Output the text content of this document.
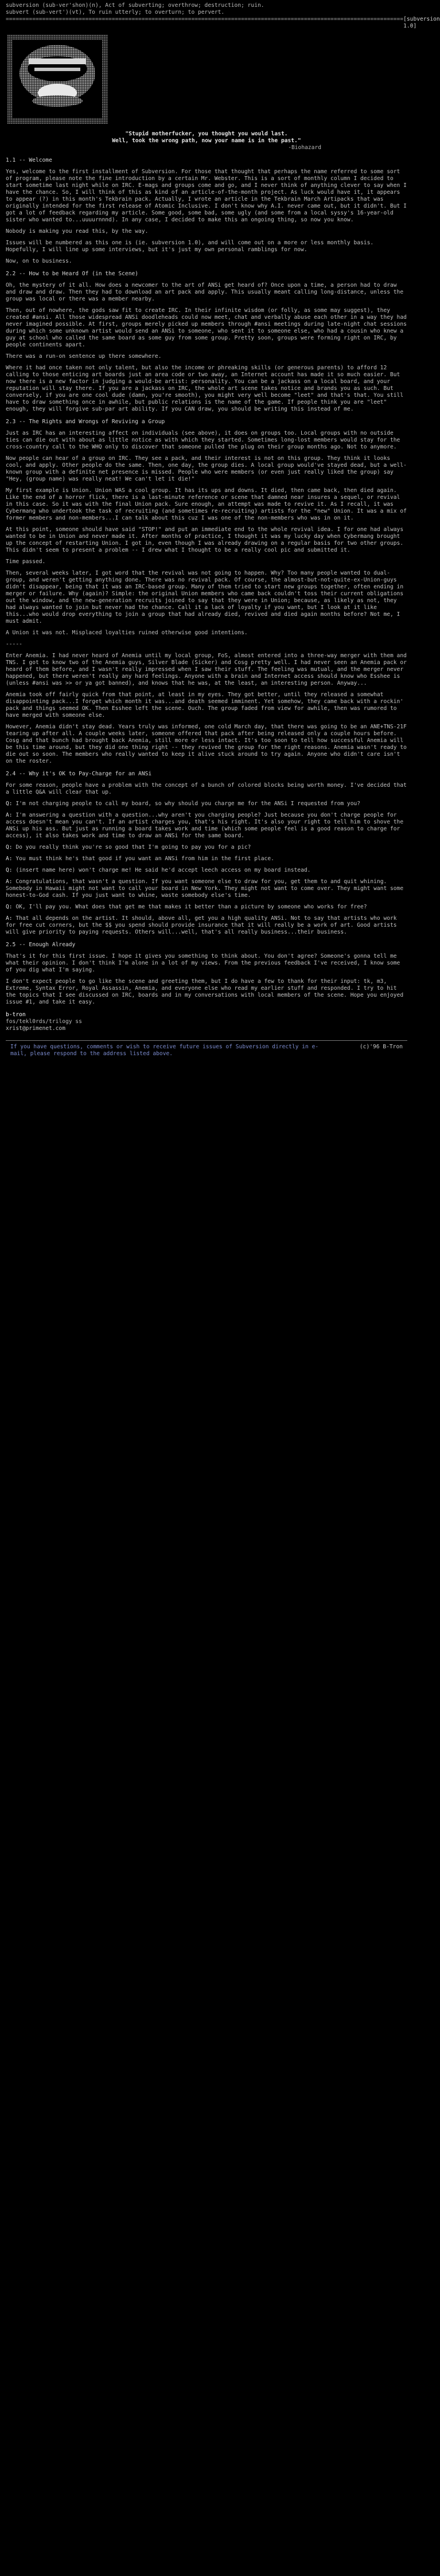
subversion (sub·ver'shon)(n), Act of subverting; overthrow; destruction; ruin.
subvert (sub-vert')(vt), To ruin utterly; to overturn; to pervert.
======================================================================================================================== [subversion 1.0]
"Stupid motherfucker, you thought you would last.
Well, took the wrong path, now your name is in the past."
-Biohazard
1.1 -- Welcome

Yes, welcome to the first installment of Subversion. For those that thought that perhaps the name referred to some sort of program, please note the fine introduction by a certain Mr. Webster. This is a sort of monthly column I decided to start sometime last night while on IRC. E-mags and groups come and go, and I never think of anything clever to say when I have the chance. So, I will think of this as kind of an article-of-the-month project. As luck would have it, it appears to appear (?) in this month's Tekbrain pack. Actually, I wrote an article in the Tekbrain March Artipacks that was originally intended for the first release of Atomic Inclusive. I don't know why A.I. never came out, but it didn't. But I got a lot of feedback regarding my article. Some good, some bad, some ugly (and some from a local syssy's 16-year-old sister who wanted to...uuuurnnnd). In any case, I decided to make this an ongoing thing, so now you know.

Nobody is making you read this, by the way.

Issues will be numbered as this one is (ie. subversion 1.0), and will come out on a more or less monthly basis. Hopefully, I will line up some interviews, but it's just my own personal ramblings for now.

Now, on to business.

2.2 -- How to be Heard Of (in the Scene)

Oh, the mystery of it all. How does a newcomer to the art of ANSi get heard of? Once upon a time, a person had to draw and draw and draw. Then they had to download an art pack and apply. This usually meant calling long-distance, unless the group was local or there was a member nearby.

Then, out of nowhere, the gods saw fit to create IRC. In their infinite wisdom (or folly, as some may suggest), they created #ansi. All those widespread ANSi doodleheads could now meet, chat and verbally abuse each other in a way they had never imagined possible. At first, groups merely picked up members through #ansi meetings during late-night chat sessions during which some unknown artist would send an ANSi to someone, who sent it to someone else, who had a cousin who knew a guy at school who called the same board as some guy from some group. Pretty soon, groups were forming right on IRC, by people continents apart.

There was a run-on sentence up there somewhere.

Where it had once taken not only talent, but also the income or phreaking skills (or generous parents) to afford 12 calling to those enticing art boards just an area code or two away, an Internet account has made it so much easier. But now there is a new factor in judging a would-be artist: personality. You can be a jackass on a local board, and your reputation will stay there. If you are a jackass on IRC, the whole art scene takes notice and brands you as such. But conversely, if you are one cool dude (damn, you're smooth), you might very well become "leet" and that's that. You still have to draw something once in awhile, but public relations is the name of the game. If people think you are "leet" enough, they will forgive sub-par art ability. If you CAN draw, you should be writing this instead of me.

2.3 -- The Rights and Wrongs of Reviving a Group

Just as IRC has an interesting affect on individuals (see above), it does on groups too. Local groups with no outside ties can die out with about as little notice as with which they started. Sometimes long-lost members would stay for the cross-country call to the WHQ only to discover that someone pulled the plug on their group months ago. Not to anymore.

Now people can hear of a group on IRC. They see a pack, and their interest is not on this group. They think it looks cool, and apply. Other people do the same. Then, one day, the group dies. A local group would've stayed dead, but a well-known group with a definite net presence is missed. People who were members (or even just really liked the group) say "Hey, (group name) was really neat! We can't let it die!"

My first example is Union. Union WAS a cool group. It has its ups and downs. It died, then came back, then died again. Like the end of a horror flick, there is a last-minute reference or scene that damned near insures a sequel, or revival in this case. So it was with the final Union pack. Sure enough, an attempt was made to revive it. As I recall, it was Cybermang who undertook the task of recruiting (and sometimes re-recruiting) artists for the "new" Union. It was a mix of former members and non-members...I can talk about this cuz I was one of the non-members who was in on it.

At this point, someone should have said "STOP!" and put an immediate end to the whole revival idea. I for one had always wanted to be in Union and never made it. After months of practice, I thought it was my lucky day when Cybermang brought up the concept of restarting Union. I got in, even though I was already drawing on a regular basis for two other groups. This didn't seem to present a problem -- I drew what I thought to be a really cool pic and submitted it.

Time passed.

Then, several weeks later, I got word that the revival was not going to happen. Why? Too many people wanted to dual-group, and weren't getting anything done. There was no revival pack. Of course, the almost-but-not-quite-ex-Union-guys didn't disappear, being that it was an IRC-based group. Many of them tried to start new groups together, often ending in merger or failure. Why (again)? Simple: the original Union members who came back couldn't toss their current obligations out the window, and the new-generation recruits joined to say that they were in Union; because, as likely as not, they had always wanted to join but never had the chance. Call it a lack of loyalty if you want, but I look at it like this...who would drop everything to join a group that had already died, revived and died again months before? Not me, I must admit.

A Union it was not. Misplaced loyalties ruined otherwise good intentions.

-----

Enter Anemia. I had never heard of Anemia until my local group, FoS, almost entered into a three-way merger with them and TNS. I got to know two of the Anemia guys, Silver Blade (Sicker) and Cosg pretty well. I had never seen an Anemia pack or heard of them before, and I wasn't really impressed when I saw their stuff. The feeling was mutual, and the merger never happened, but there weren't really any hard feelings. Anyone with a brain and Internet access should know who Esshee is (unless #ansi was >> or ya got banned), and knows that he was, at the least, an interesting person. Anyway...

Anemia took off fairly quick from that point, at least in my eyes. They got better, until they released a somewhat disappointing pack...I forget which month it was...and death seemed imminent. Yet somehow, they came back with a rockin' pack and things seemed OK. Then Esshee left the scene. Ouch. The group faded from view for awhile, then was rumored to have merged with someone else.

However, Anemia didn't stay dead. Years truly was informed, one cold March day, that there was going to be an ANE+TNS-21F tearing up after all. A couple weeks later, someone offered that pack after being released only a couple hours before. Cosg and that bunch had brought back Anemia, still more or less intact. It's too soon to tell how successful Anemia will be this time around, but they did one thing right -- they revived the group for the right reasons. Anemia wasn't ready to die out so soon. The members who really wanted to keep it alive stuck around to try again. Anyone who didn't care isn't on the roster.

2.4 -- Why it's OK to Pay-Charge for an ANSi

For some reason, people have a problem with the concept of a bunch of colored blocks being worth money. I've decided that a little Q&A will clear that up.

Q: I'm not charging people to call my board, so why should you charge me for the ANSi I requested from you?
A: I'm answering a question with a question...why aren't you charging people? Just because you don't charge people for access doesn't mean you can't. If an artist charges you, that's his right. It's also your right to tell him to shove the ANSi up his ass. But just as running a board takes work and time (which some people feel is a good reason to charge for access), it also takes work and time to draw an ANSi for the same board.
Q: Do you really think you're so good that I'm going to pay you for a pic?
A: You must think he's that good if you want an ANSi from him in the first place.
Q: (insert name here) won't charge me! He said he'd accept leech access on my board instead.
A: Congratulations, that wasn't a question. If you want someone else to draw for you, get them to and quit whining. Somebody in Hawaii might not want to call your board in New York. They might not want to come over. They might want some honest-to-God cash. If you just want to whine, waste somebody else's time.
Q: OK, I'll pay you. What does that get me that makes it better than a picture by someone who works for free?
A: That all depends on the artist. It should, above all, get you a high quality ANSi. Not to say that artists who work for free cut corners, but the $$ you spend should provide insurance that it will really be a work of art. Good artists will give priority to paying requests. Others will...well, that's all really business...their business.
2.5 -- Enough Already

That's it for this first issue. I hope it gives you something to think about. You don't agree? Someone's gonna tell me what their opinion. I don't think I'm alone in a lot of my views. From the previous feedback I've received, I know some of you dig what I'm saying.

I don't expect people to go like the scene and greeting them, but I do have a few to thank for their input: tk, m3, Extreme, Syntax Error, Royal Assassin, Anemia, and everyone else who read my earlier stuff and responded. I try to hit the topics that I see discussed on IRC, boards and in my conversations with local members of the scene. Hope you enjoyed issue #1, and take it easy.

b-tron
fos/tekl0rds/trilogy ss
xrist@primenet.com
If you have questions, comments or wish to receive future issues of Subversion directly in e-mail, please respond to the address listed above.
(c)'96 B-Tron
